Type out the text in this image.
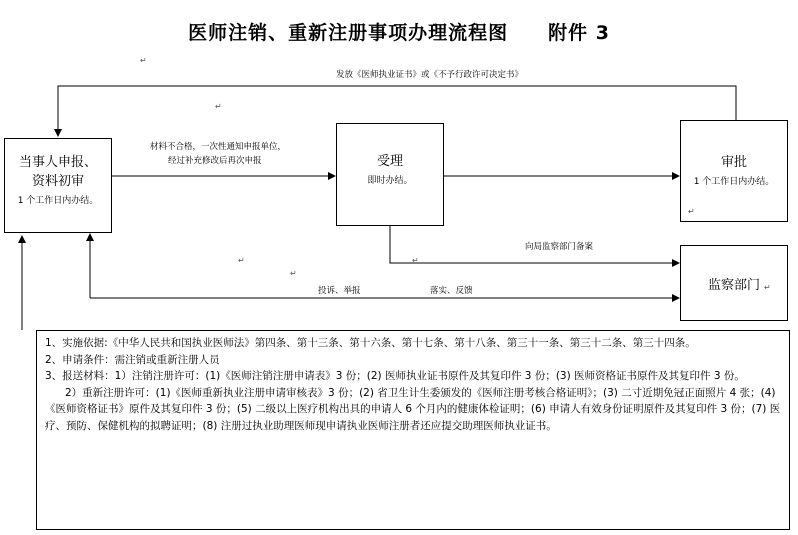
医师注销、重新注册事项办理流程图　　附件 3
当事人申报、
资料初审
1 个工作日内办结。
受理
即时办结。
审批
1 个工作日内办结。
监察部门
发放《医师执业证书》或《不予行政许可决定书》
材料不合格，一次性通知申报单位，
经过补充修改后再次申报
向局监察部门备案
投诉、举报	落实、反馈
↵
↵
↵
↵
↵
↵
↵

1、实施依据:《中华人民共和国执业医师法》第四条、第十三条、第十六条、第十七条、第十八条、第三十一条、第三十二条、第三十四条。

2、申请条件：需注销或重新注册人员

3、报送材料：1）注销注册许可：(1)《医师注销注册申请表》3 份；(2) 医师执业证书原件及其复印件 3 份；(3) 医师资格证书原件及其复印件 3 份。

2）重新注册许可：(1)《医师重新执业注册申请审核表》3 份；(2) 省卫生计生委颁发的《医师注册考核合格证明》；(3) 二寸近期免冠正面照片 4 张；(4)《医师资格证书》原件及其复印件 3 份；(5) 二级以上医疗机构出具的申请人 6 个月内的健康体检证明；(6) 申请人有效身份证明原件及其复印件 3 份；(7) 医疗、预防、保健机构的拟聘证明；(8) 注册过执业助理医师现申请执业医师注册者还应提交助理医师执业证书。
